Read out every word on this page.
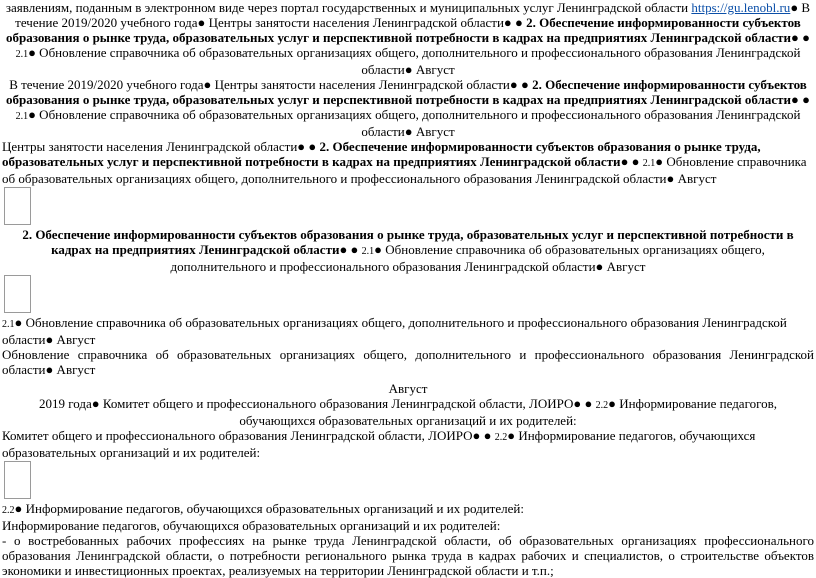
заявлениям, поданным в электронном виде через портал государственных и муниципальных услуг Ленинградской области https://gu.lenobl.ru● В течение 2019/2020 учебного года● Центры занятости населения Ленинградской области● ● 2. Обеспечение информированности субъектов образования о рынке труда, образовательных услуг и перспективной потребности в кадрах на предприятиях Ленинградской области● ● 2.1● Обновление справочника об образовательных организациях общего, дополнительного и профессионального образования Ленинградской области● Август

В течение 2019/2020 учебного года● Центры занятости населения Ленинградской области● ● 2. Обеспечение информированности субъектов образования о рынке труда, образовательных услуг и перспективной потребности в кадрах на предприятиях Ленинградской области● ● 2.1● Обновление справочника об образовательных организациях общего, дополнительного и профессионального образования Ленинградской области● Август

Центры занятости населения Ленинградской области● ● 2. Обеспечение информированности субъектов образования о рынке труда, образовательных услуг и перспективной потребности в кадрах на предприятиях Ленинградской области● ● 2.1● Обновление справочника об образовательных организациях общего, дополнительного и профессионального образования Ленинградской области● Август

2. Обеспечение информированности субъектов образования о рынке труда, образовательных услуг и перспективной потребности в кадрах на предприятиях Ленинградской области● ● 2.1● Обновление справочника об образовательных организациях общего, дополнительного и профессионального образования Ленинградской области● Август

2.1● Обновление справочника об образовательных организациях общего, дополнительного и профессионального образования Ленинградской области● Август

Обновление справочника об образовательных организациях общего, дополнительного и профессионального образования Ленинградской области● Август

Август

2019 года● Комитет общего и профессионального образования Ленинградской области, ЛОИРО● ● 2.2● Информирование педагогов, обучающихся образовательных организаций и их родителей:

Комитет общего и профессионального образования Ленинградской области, ЛОИРО● ● 2.2● Информирование педагогов, обучающихся образовательных организаций и их родителей:

2.2● Информирование педагогов, обучающихся образовательных организаций и их родителей:

Информирование педагогов, обучающихся образовательных организаций и их родителей:

- о востребованных рабочих профессиях на рынке труда Ленинградской области, об образовательных организациях профессионального образования Ленинградской области, о потребности регионального рынка труда в кадрах рабочих и специалистов, о строительстве объектов экономики и инвестиционных проектах, реализуемых на территории Ленинградской области и т.п.;
